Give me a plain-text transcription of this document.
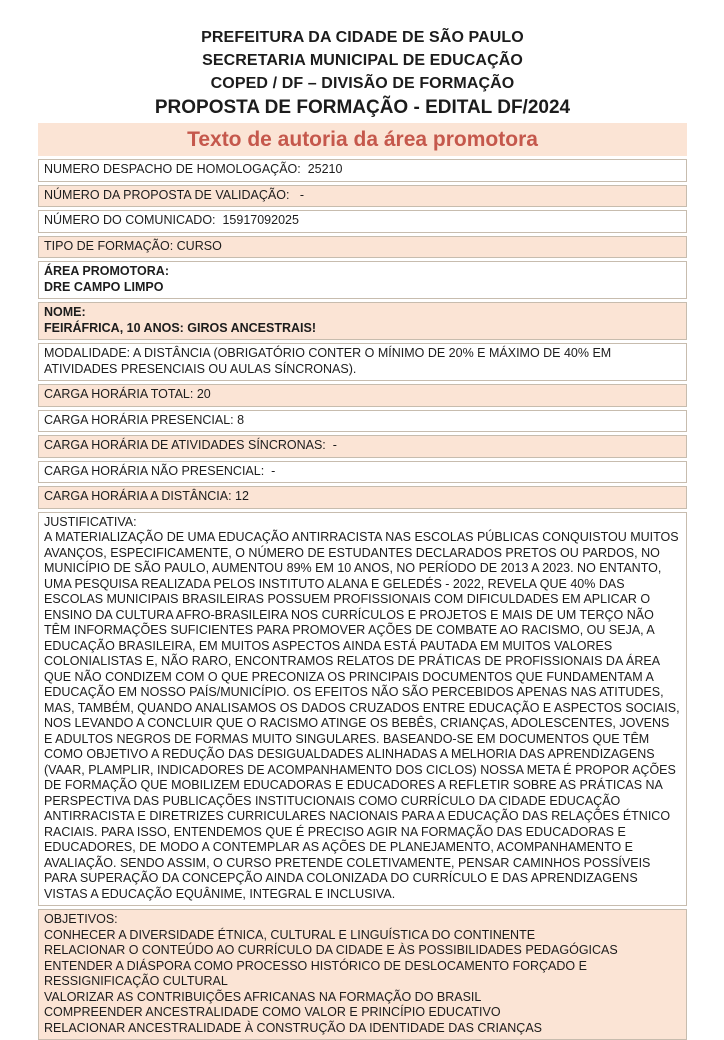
PREFEITURA DA CIDADE DE SÃO PAULO
SECRETARIA MUNICIPAL DE EDUCAÇÃO
COPED / DF – DIVISÃO DE FORMAÇÃO
PROPOSTA DE FORMAÇÃO - EDITAL DF/2024
Texto de autoria da área promotora
NUMERO DESPACHO DE HOMOLOGAÇÃO:  25210
NÚMERO DA PROPOSTA DE VALIDAÇÃO:   -
NÚMERO DO COMUNICADO:  15917092025
TIPO DE FORMAÇÃO: CURSO
ÁREA PROMOTORA:
DRE CAMPO LIMPO
NOME:
FEIRÁFRICA, 10 ANOS: GIROS ANCESTRAIS!
MODALIDADE: A DISTÂNCIA (OBRIGATÓRIO CONTER O MÍNIMO DE 20% E MÁXIMO DE 40% EM ATIVIDADES PRESENCIAIS OU AULAS SÍNCRONAS).
CARGA HORÁRIA TOTAL: 20
CARGA HORÁRIA PRESENCIAL: 8
CARGA HORÁRIA DE ATIVIDADES SÍNCRONAS:  -
CARGA HORÁRIA NÃO PRESENCIAL:  -
CARGA HORÁRIA A DISTÂNCIA: 12
JUSTIFICATIVA:
A MATERIALIZAÇÃO DE UMA EDUCAÇÃO ANTIRRACISTA NAS ESCOLAS PÚBLICAS CONQUISTOU MUITOS AVANÇOS, ESPECIFICAMENTE, O NÚMERO DE ESTUDANTES DECLARADOS PRETOS OU PARDOS, NO MUNICÍPIO DE SÃO PAULO, AUMENTOU 89% EM 10 ANOS, NO PERÍODO DE 2013 A 2023. NO ENTANTO, UMA PESQUISA REALIZADA PELOS INSTITUTO ALANA E GELEDÉS - 2022, REVELA QUE 40% DAS ESCOLAS MUNICIPAIS BRASILEIRAS POSSUEM PROFISSIONAIS COM DIFICULDADES EM APLICAR O ENSINO DA CULTURA AFRO-BRASILEIRA NOS CURRÍCULOS E PROJETOS E MAIS DE UM TERÇO NÃO TÊM INFORMAÇÕES SUFICIENTES PARA PROMOVER AÇÕES DE COMBATE AO RACISMO, OU SEJA, A EDUCAÇÃO BRASILEIRA, EM MUITOS ASPECTOS AINDA ESTÁ PAUTADA EM MUITOS VALORES COLONIALISTAS E, NÃO RARO, ENCONTRAMOS RELATOS DE PRÁTICAS DE PROFISSIONAIS DA ÁREA QUE NÃO CONDIZEM COM O QUE PRECONIZA OS PRINCIPAIS DOCUMENTOS QUE FUNDAMENTAM A EDUCAÇÃO EM NOSSO PAÍS/MUNICÍPIO. OS EFEITOS NÃO SÃO PERCEBIDOS APENAS NAS ATITUDES, MAS, TAMBÉM, QUANDO ANALISAMOS OS DADOS CRUZADOS ENTRE EDUCAÇÃO E ASPECTOS SOCIAIS, NOS LEVANDO A CONCLUIR QUE O RACISMO ATINGE OS BEBÊS, CRIANÇAS, ADOLESCENTES, JOVENS E ADULTOS NEGROS DE FORMAS MUITO SINGULARES. BASEANDO-SE EM DOCUMENTOS QUE TÊM COMO OBJETIVO A REDUÇÃO DAS DESIGUALDADES ALINHADAS A MELHORIA DAS APRENDIZAGENS (VAAR, PLAMPLIR, INDICADORES DE ACOMPANHAMENTO DOS CICLOS) NOSSA META É PROPOR AÇÕES DE FORMAÇÃO QUE MOBILIZEM EDUCADORAS E EDUCADORES A REFLETIR SOBRE AS PRÁTICAS NA PERSPECTIVA DAS PUBLICAÇÕES INSTITUCIONAIS COMO CURRÍCULO DA CIDADE EDUCAÇÃO ANTIRRACISTA E DIRETRIZES CURRICULARES NACIONAIS PARA A EDUCAÇÃO DAS RELAÇÕES ÉTNICO RACIAIS. PARA ISSO, ENTENDEMOS QUE É PRECISO AGIR NA FORMAÇÃO DAS EDUCADORAS E EDUCADORES, DE MODO A CONTEMPLAR AS AÇÕES DE PLANEJAMENTO, ACOMPANHAMENTO E AVALIAÇÃO. SENDO ASSIM, O CURSO PRETENDE COLETIVAMENTE, PENSAR CAMINHOS POSSÍVEIS PARA SUPERAÇÃO DA CONCEPÇÃO AINDA COLONIZADA DO CURRÍCULO E DAS APRENDIZAGENS VISTAS A EDUCAÇÃO EQUÂNIME, INTEGRAL E INCLUSIVA.
OBJETIVOS:
CONHECER A DIVERSIDADE ÉTNICA, CULTURAL E LINGUÍSTICA DO CONTINENTE
RELACIONAR O CONTEÚDO AO CURRÍCULO DA CIDADE E ÀS POSSIBILIDADES PEDAGÓGICAS
ENTENDER A DIÁSPORA COMO PROCESSO HISTÓRICO DE DESLOCAMENTO FORÇADO E RESSIGNIFICAÇÃO CULTURAL
VALORIZAR AS CONTRIBUIÇÕES AFRICANAS NA FORMAÇÃO DO BRASIL
COMPREENDER ANCESTRALIDADE COMO VALOR E PRINCÍPIO EDUCATIVO
RELACIONAR ANCESTRALIDADE À CONSTRUÇÃO DA IDENTIDADE DAS CRIANÇAS
